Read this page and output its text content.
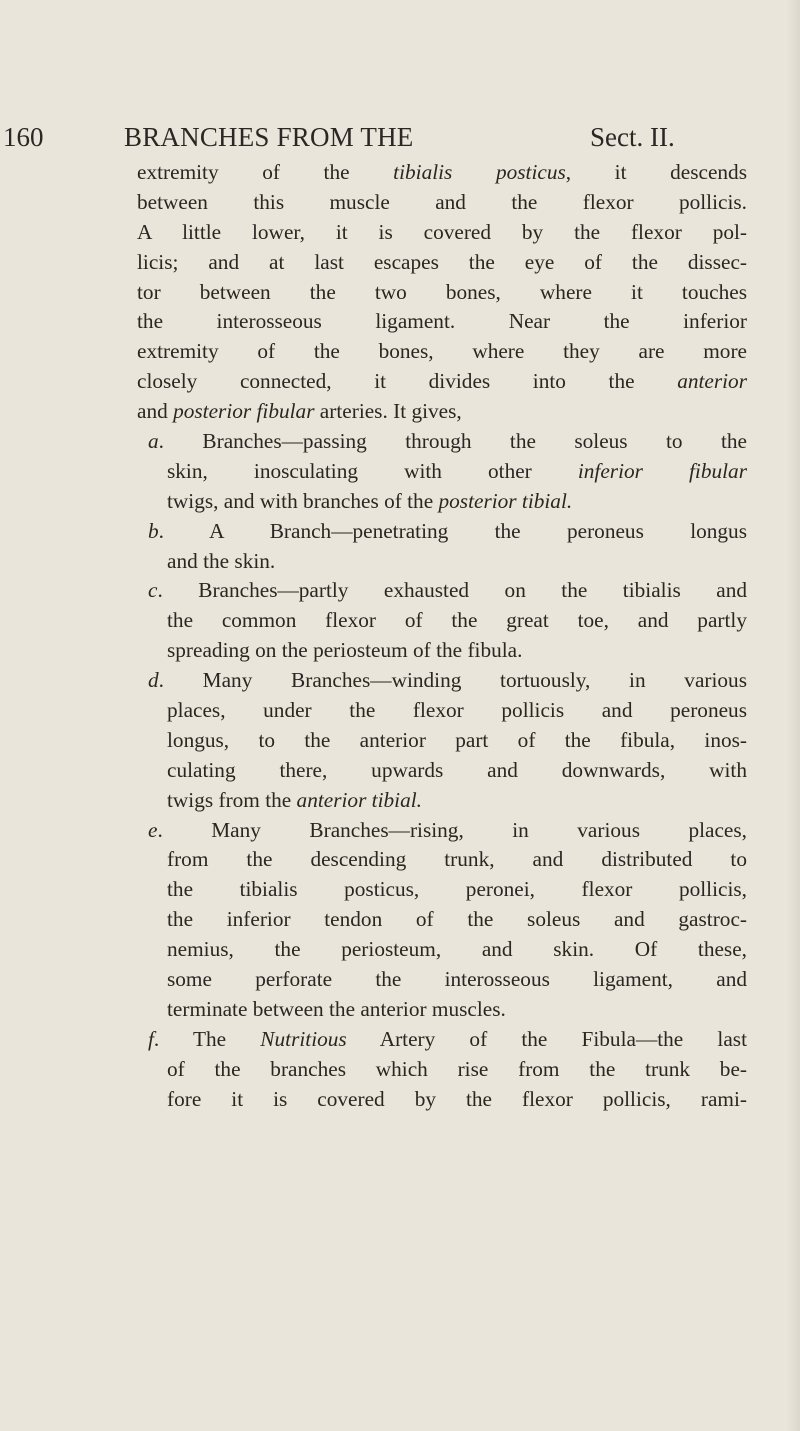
160	BRANCHES FROM THE	Sect. II.
extremity of the tibialis posticus, it descends
between this muscle and the flexor pollicis.
A little lower, it is covered by the flexor pol-
licis; and at last escapes the eye of the dissec-
tor between the two bones, where it touches
the interosseous ligament. Near the inferior
extremity of the bones, where they are more
closely connected, it divides into the anterior
and posterior fibular arteries. It gives,
a. Branches—passing through the soleus to the
skin, inosculating with other inferior fibular
twigs, and with branches of the posterior tibial.
b. A Branch—penetrating the peroneus longus
and the skin.
c. Branches—partly exhausted on the tibialis and
the common flexor of the great toe, and partly
spreading on the periosteum of the fibula.
d. Many Branches—winding tortuously, in various
places, under the flexor pollicis and peroneus
longus, to the anterior part of the fibula, inos-
culating there, upwards and downwards, with
twigs from the anterior tibial.
e. Many Branches—rising, in various places,
from the descending trunk, and distributed to
the tibialis posticus, peronei, flexor pollicis,
the inferior tendon of the soleus and gastroc-
nemius, the periosteum, and skin. Of these,
some perforate the interosseous ligament, and
terminate between the anterior muscles.
f. The Nutritious Artery of the Fibula—the last
of the branches which rise from the trunk be-
fore it is covered by the flexor pollicis, rami-
